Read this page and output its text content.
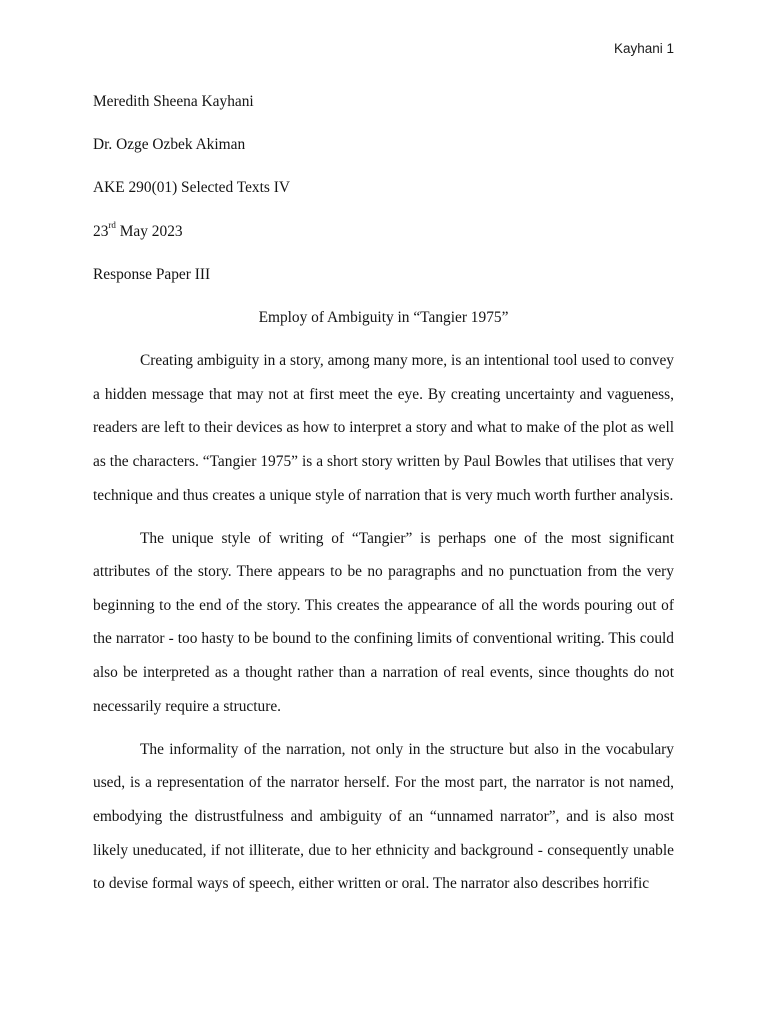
Kayhani 1
Meredith Sheena Kayhani
Dr. Ozge Ozbek Akiman
AKE 290(01) Selected Texts IV
23rd May 2023
Response Paper III
Employ of Ambiguity in “Tangier 1975”

Creating ambiguity in a story, among many more, is an intentional tool used to convey a hidden message that may not at first meet the eye. By creating uncertainty and vagueness, readers are left to their devices as how to interpret a story and what to make of the plot as well as the characters. “Tangier 1975” is a short story written by Paul Bowles that utilises that very technique and thus creates a unique style of narration that is very much worth further analysis.

The unique style of writing of “Tangier” is perhaps one of the most significant attributes of the story. There appears to be no paragraphs and no punctuation from the very beginning to the end of the story. This creates the appearance of all the words pouring out of the narrator - too hasty to be bound to the confining limits of conventional writing. This could also be interpreted as a thought rather than a narration of real events, since thoughts do not necessarily require a structure.

The informality of the narration, not only in the structure but also in the vocabulary used, is a representation of the narrator herself. For the most part, the narrator is not named, embodying the distrustfulness and ambiguity of an “unnamed narrator”, and is also most likely uneducated, if not illiterate, due to her ethnicity and background - consequently unable to devise formal ways of speech, either written or oral. The narrator also describes horrific
